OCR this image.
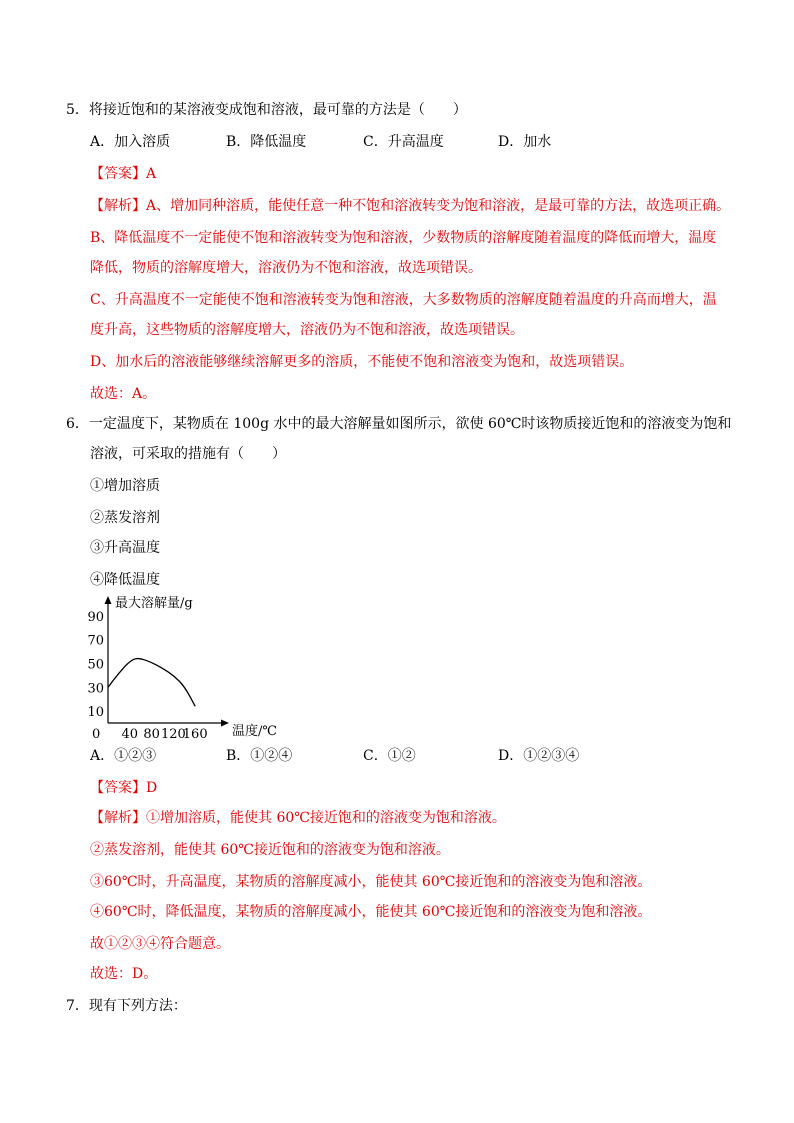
5．将接近饱和的某溶液变成饱和溶液，最可靠的方法是（　　）
A．加入溶质	B．降低温度	C．升高温度	D．加水
【答案】A
【解析】A、增加同种溶质，能使任意一种不饱和溶液转变为饱和溶液，是最可靠的方法，故选项正确。
B、降低温度不一定能使不饱和溶液转变为饱和溶液，少数物质的溶解度随着温度的降低而增大，温度
降低，物质的溶解度增大，溶液仍为不饱和溶液，故选项错误。
C、升高温度不一定能使不饱和溶液转变为饱和溶液，大多数物质的溶解度随着温度的升高而增大，温
度升高，这些物质的溶解度增大，溶液仍为不饱和溶液，故选项错误。
D、加水后的溶液能够继续溶解更多的溶质，不能使不饱和溶液变为饱和，故选项错误。
故选：A。
6．一定温度下，某物质在 100g 水中的最大溶解量如图所示，欲使 60℃时该物质接近饱和的溶液变为饱和
溶液，可采取的措施有（　　）
①增加溶质
②蒸发溶剂
③升高温度
④降低温度
10
30
50
70
90
40 80 120
160
最大溶解量/g
温度/℃
0
A．①②③	B．①②④	C．①②	D．①②③④
【答案】D
【解析】①增加溶质，能使其 60℃接近饱和的溶液变为饱和溶液。
②蒸发溶剂，能使其 60℃接近饱和的溶液变为饱和溶液。
③60℃时，升高温度，某物质的溶解度减小，能使其 60℃接近饱和的溶液变为饱和溶液。
④60℃时，降低温度，某物质的溶解度减小，能使其 60℃接近饱和的溶液变为饱和溶液。
故①②③④符合题意。
故选：D。
7．现有下列方法：
